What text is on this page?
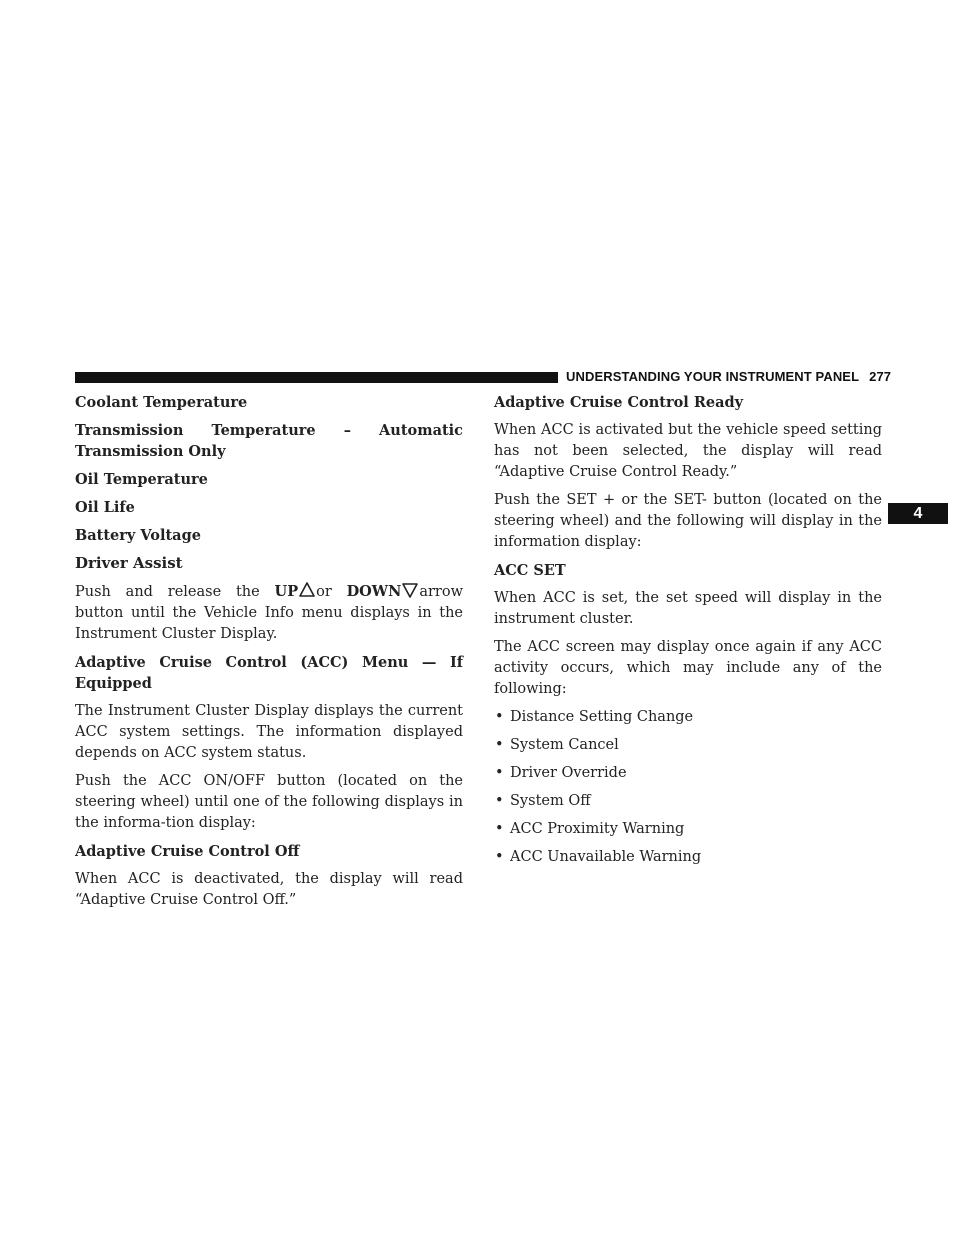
UNDERSTANDING YOUR INSTRUMENT PANEL 277
4

Coolant Temperature

Transmission Temperature – Automatic Transmission Only

Oil Temperature

Oil Life

Battery Voltage

Driver Assist

Push and release the UP or DOWN arrow button until the Vehicle Info menu displays in the Instrument Cluster Display.

Adaptive Cruise Control (ACC) Menu — If Equipped

The Instrument Cluster Display displays the current ACC system settings. The information displayed depends on ACC system status.

Push the ACC ON/OFF button (located on the steering wheel) until one of the following displays in the informa-tion display:

Adaptive Cruise Control Off

When ACC is deactivated, the display will read “Adaptive Cruise Control Off.”

Adaptive Cruise Control Ready

When ACC is activated but the vehicle speed setting has not been selected, the display will read “Adaptive Cruise Control Ready.”

Push the SET + or the SET- button (located on the steering wheel) and the following will display in the information display:

ACC SET

When ACC is set, the set speed will display in the instrument cluster.

The ACC screen may display once again if any ACC activity occurs, which may include any of the following:

• Distance Setting Change
• System Cancel
• Driver Override
• System Off
• ACC Proximity Warning
• ACC Unavailable Warning
